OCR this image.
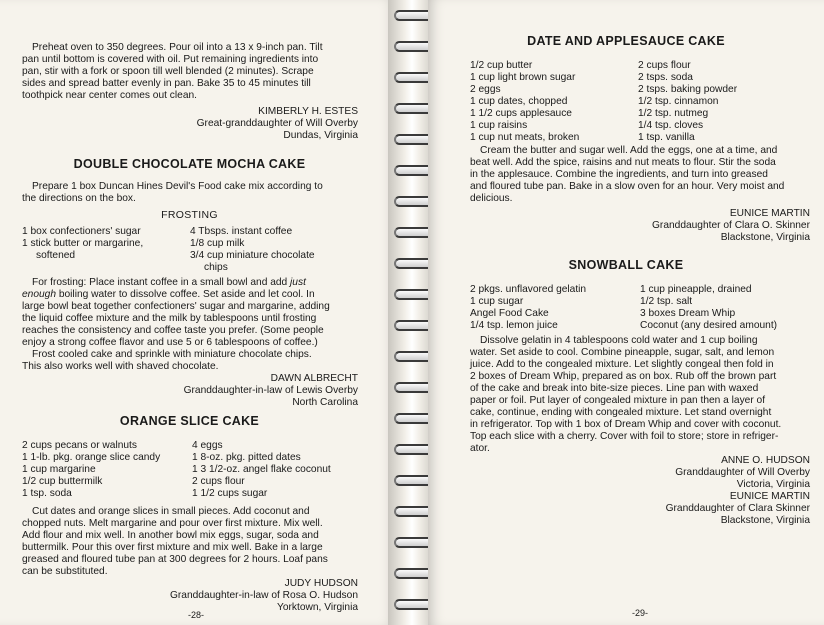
Preheat oven to 350 degrees. Pour oil into a 13 x 9-inch pan. Tilt
pan until bottom is covered with oil. Put remaining ingredients into
pan, stir with a fork or spoon till well blended (2 minutes). Scrape
sides and spread batter evenly in pan. Bake 35 to 45 minutes till
toothpick near center comes out clean.
KIMBERLY H. ESTES
Great-granddaughter of Will Overby
Dundas, Virginia
DOUBLE CHOCOLATE MOCHA CAKE
Prepare 1 box Duncan Hines Devil's Food cake mix according to
the directions on the box.
FROSTING
1 box confectioners' sugar
1 stick butter or margarine,
softened
4 Tbsps. instant coffee
1/8 cup milk
3/4 cup miniature chocolate
chips
For frosting: Place instant coffee in a small bowl and add just
enough boiling water to dissolve coffee. Set aside and let cool. In
large bowl beat together confectioners' sugar and margarine, adding
the liquid coffee mixture and the milk by tablespoons until frosting
reaches the consistency and coffee taste you prefer. (Some people
enjoy a strong coffee flavor and use 5 or 6 tablespoons of coffee.)
Frost cooled cake and sprinkle with miniature chocolate chips.
This also works well with shaved chocolate.
DAWN ALBRECHT
Granddaughter-in-law of Lewis Overby
North Carolina
ORANGE SLICE CAKE
2 cups pecans or walnuts
1 1-lb. pkg. orange slice candy
1 cup margarine
1/2 cup buttermilk
1 tsp. soda
4 eggs
1 8-oz. pkg. pitted dates
1 3 1/2-oz. angel flake coconut
2 cups flour
1 1/2 cups sugar
Cut dates and orange slices in small pieces. Add coconut and
chopped nuts. Melt margarine and pour over first mixture. Mix well.
Add flour and mix well. In another bowl mix eggs, sugar, soda and
buttermilk. Pour this over first mixture and mix well. Bake in a large
greased and floured tube pan at 300 degrees for 2 hours. Loaf pans
can be substituted.
JUDY HUDSON
Granddaughter-in-law of Rosa O. Hudson
Yorktown, Virginia
-28-
DATE AND APPLESAUCE CAKE
1/2 cup butter
1 cup light brown sugar
2 eggs
1 cup dates, chopped
1 1/2 cups applesauce
1 cup raisins
1 cup nut meats, broken
2 cups flour
2 tsps. soda
2 tsps. baking powder
1/2 tsp. cinnamon
1/2 tsp. nutmeg
1/4 tsp. cloves
1 tsp. vanilla
Cream the butter and sugar well. Add the eggs, one at a time, and
beat well. Add the spice, raisins and nut meats to flour. Stir the soda
in the applesauce. Combine the ingredients, and turn into greased
and floured tube pan. Bake in a slow oven for an hour. Very moist and
delicious.
EUNICE MARTIN
Granddaughter of Clara O. Skinner
Blackstone, Virginia
SNOWBALL CAKE
2 pkgs. unflavored gelatin
1 cup sugar
Angel Food Cake
1/4 tsp. lemon juice
1 cup pineapple, drained
1/2 tsp. salt
3 boxes Dream Whip
Coconut (any desired amount)
Dissolve gelatin in 4 tablespoons cold water and 1 cup boiling
water. Set aside to cool. Combine pineapple, sugar, salt, and lemon
juice. Add to the congealed mixture. Let slightly congeal then fold in
2 boxes of Dream Whip, prepared as on box. Rub off the brown part
of the cake and break into bite-size pieces. Line pan with waxed
paper or foil. Put layer of congealed mixture in pan then a layer of
cake, continue, ending with congealed mixture. Let stand overnight
in refrigerator. Top with 1 box of Dream Whip and cover with coconut.
Top each slice with a cherry. Cover with foil to store; store in refriger-
ator.
ANNE O. HUDSON
Granddaughter of Will Overby
Victoria, Virginia
EUNICE MARTIN
Granddaughter of Clara Skinner
Blackstone, Virginia
-29-
